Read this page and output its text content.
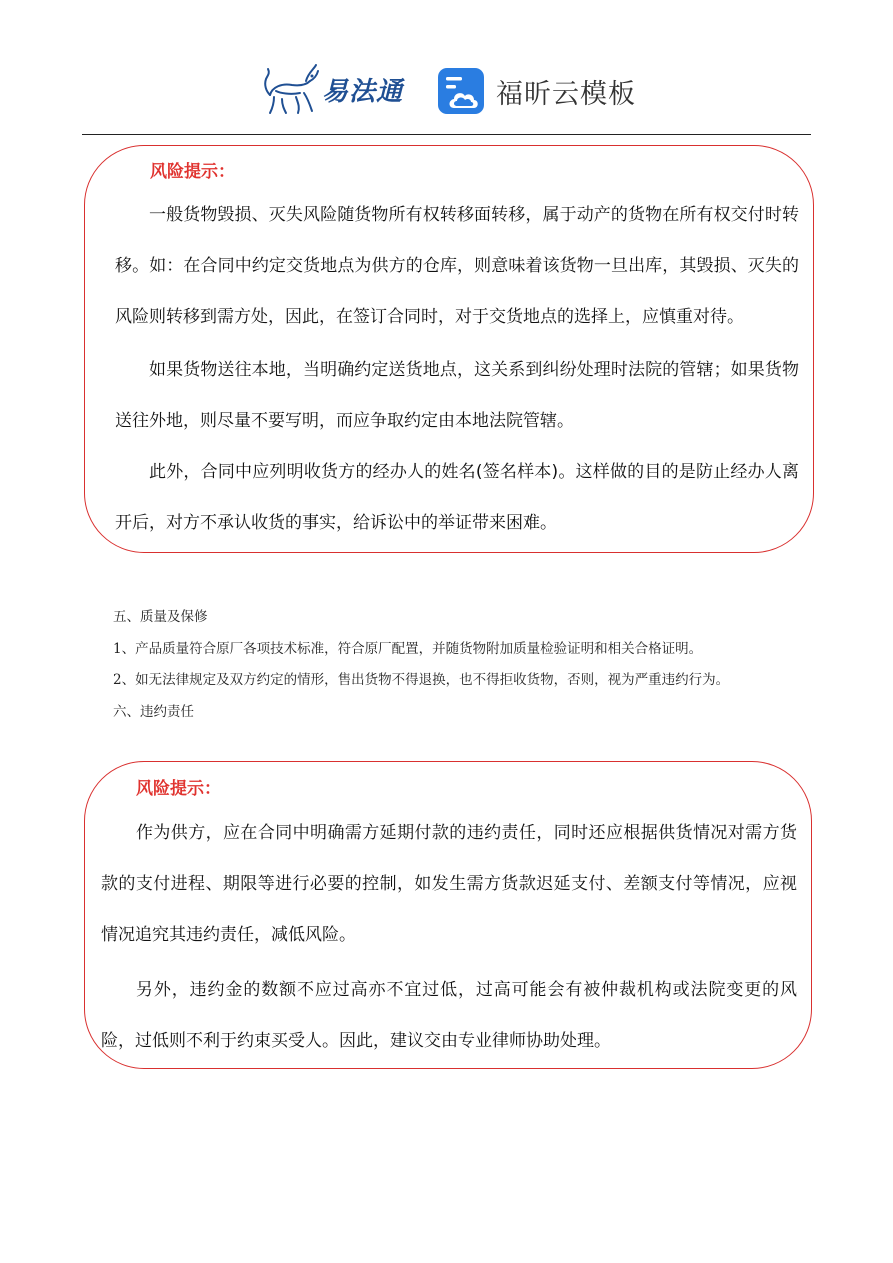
易法通	福昕云模板
风险提示：

一般货物毁损、灭失风险随货物所有权转移面转移，属于动产的货物在所有权交付时转移。如：在合同中约定交货地点为供方的仓库，则意味着该货物一旦出库，其毁损、灭失的风险则转移到需方处，因此，在签订合同时，对于交货地点的选择上，应慎重对待。

如果货物送往本地，当明确约定送货地点，这关系到纠纷处理时法院的管辖；如果货物送往外地，则尽量不要写明，而应争取约定由本地法院管辖。

此外，合同中应列明收货方的经办人的姓名(签名样本)。这样做的目的是防止经办人离开后，对方不承认收货的事实，给诉讼中的举证带来困难。

五、质量及保修
1、产品质量符合原厂各项技术标准，符合原厂配置，并随货物附加质量检验证明和相关合格证明。
2、如无法律规定及双方约定的情形，售出货物不得退换，也不得拒收货物，否则，视为严重违约行为。
六、违约责任
风险提示：

作为供方，应在合同中明确需方延期付款的违约责任，同时还应根据供货情况对需方货款的支付进程、期限等进行必要的控制，如发生需方货款迟延支付、差额支付等情况，应视情况追究其违约责任，减低风险。

另外，违约金的数额不应过高亦不宜过低，过高可能会有被仲裁机构或法院变更的风险，过低则不利于约束买受人。因此，建议交由专业律师协助处理。
